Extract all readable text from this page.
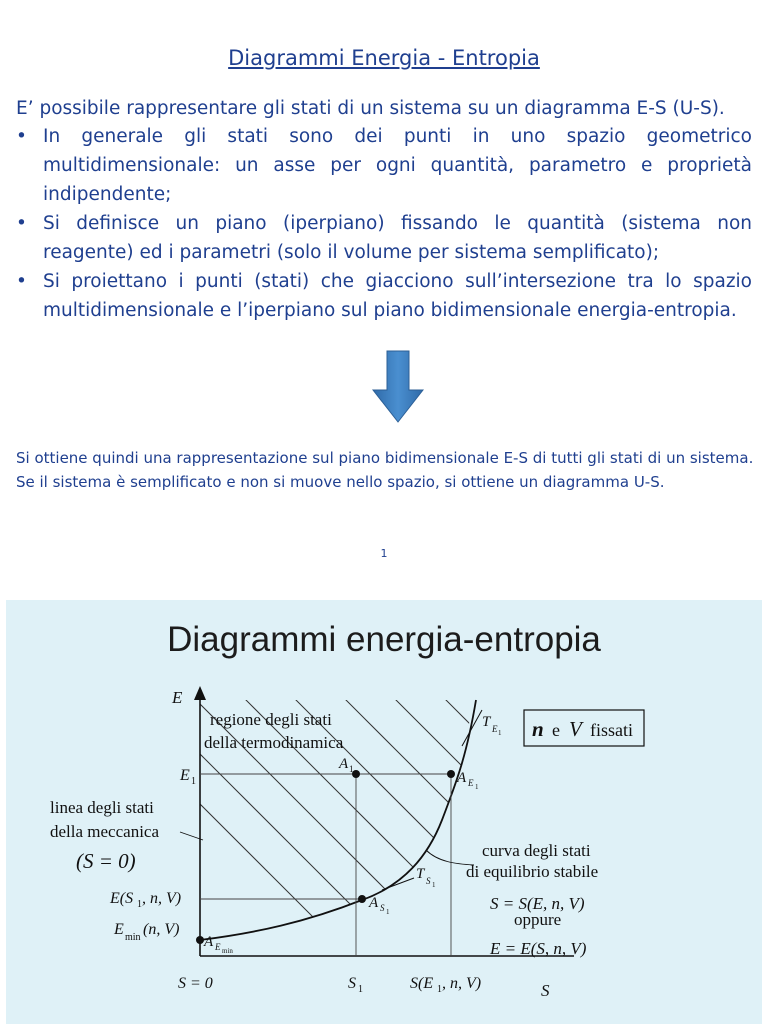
Diagrammi Energia - Entropia
E’ possibile rappresentare gli stati di un sistema su un diagramma E-S (U-S).
• In generale gli stati sono dei punti in uno spazio geometrico multidimensionale: un asse per ogni quantità, parametro e proprietà indipendente;
• Si definisce un piano (iperpiano) fissando le quantità (sistema non reagente) ed i parametri (solo il volume per sistema semplificato);
• Si proiettano i punti (stati) che giacciono sull’intersezione tra lo spazio multidimensionale e l’iperpiano sul piano bidimensionale energia-entropia.

Si ottiene quindi una rappresentazione sul piano bidimensionale E-S di tutti gli stati di un sistema.

Se il sistema è semplificato e non si muove nello spazio, si ottiene un diagramma U-S.

1
Diagrammi energia-entropia
n e V fissati
E
S
regione degli stati
della termodinamica
linea degli stati
della meccanica
(S = 0)	curva degli stati
di equilibrio stabile
S = S(E, n, V)
oppure
E = E(S, n, V)
E 1
E(S 1 , n, V)
E min (n, V)
S = 0	S 1	S(E 1 , n, V)
A 1
A E 1
A S 1
A E min
T E 1
T S 1
